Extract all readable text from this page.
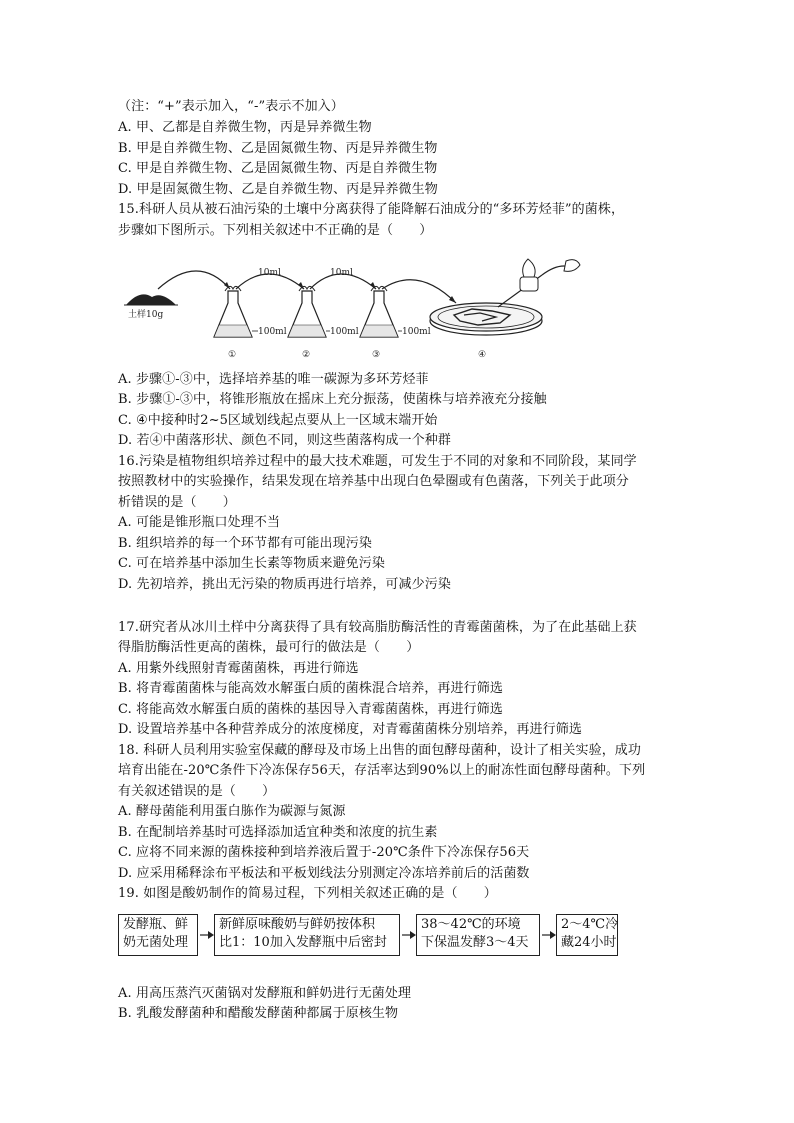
（注：“+”表示加入，“-”表示不加入）
A. 甲、乙都是自养微生物，丙是异养微生物
B. 甲是自养微生物、乙是固氮微生物、丙是异养微生物
C. 甲是自养微生物、乙是固氮微生物、丙是自养微生物
D. 甲是固氮微生物、乙是自养微生物、丙是异养微生物
15.科研人员从被石油污染的土壤中分离获得了能降解石油成分的“多环芳烃菲”的菌株，
步骤如下图所示。下列相关叙述中不正确的是（　　）
土样10g
10ml	10ml
100ml
①
100ml
②
100ml
③	④
A. 步骤①-③中，选择培养基的唯一碳源为多环芳烃菲
B. 步骤①-③中，将锥形瓶放在摇床上充分振荡，使菌株与培养液充分接触
C. ④中接种时2~5区域划线起点要从上一区域末端开始
D. 若④中菌落形状、颜色不同，则这些菌落构成一个种群
16.污染是植物组织培养过程中的最大技术难题，可发生于不同的对象和不同阶段，某同学
按照教材中的实验操作，结果发现在培养基中出现白色晕圈或有色菌落，下列关于此项分
析错误的是（　　）
A. 可能是锥形瓶口处理不当
B. 组织培养的每一个环节都有可能出现污染
C. 可在培养基中添加生长素等物质来避免污染
D. 先初培养，挑出无污染的物质再进行培养，可减少污染
17.研究者从冰川土样中分离获得了具有较高脂肪酶活性的青霉菌菌株，为了在此基础上获
得脂肪酶活性更高的菌株，最可行的做法是（　　）
A. 用紫外线照射青霉菌菌株，再进行筛选
B. 将青霉菌菌株与能高效水解蛋白质的菌株混合培养，再进行筛选
C. 将能高效水解蛋白质的菌株的基因导入青霉菌菌株，再进行筛选
D. 设置培养基中各种营养成分的浓度梯度，对青霉菌菌株分别培养，再进行筛选
18. 科研人员利用实验室保藏的酵母及市场上出售的面包酵母菌种，设计了相关实验，成功
培育出能在-20℃条件下冷冻保存56天，存活率达到90%以上的耐冻性面包酵母菌种。下列
有关叙述错误的是（　　）
A. 酵母菌能利用蛋白胨作为碳源与氮源
B. 在配制培养基时可选择添加适宜种类和浓度的抗生素
C. 应将不同来源的菌株接种到培养液后置于-20℃条件下冷冻保存56天
D. 应采用稀释涂布平板法和平板划线法分别测定冷冻培养前后的活菌数
19. 如图是酸奶制作的简易过程，下列相关叙述正确的是（　　）
发酵瓶、鲜
奶无菌处理
新鲜原味酸奶与鲜奶按体积
比1：10加入发酵瓶中后密封
38～42℃的环境
下保温发酵3～4天
2～4℃冷
藏24小时
A. 用高压蒸汽灭菌锅对发酵瓶和鲜奶进行无菌处理
B. 乳酸发酵菌种和醋酸发酵菌种都属于原核生物
